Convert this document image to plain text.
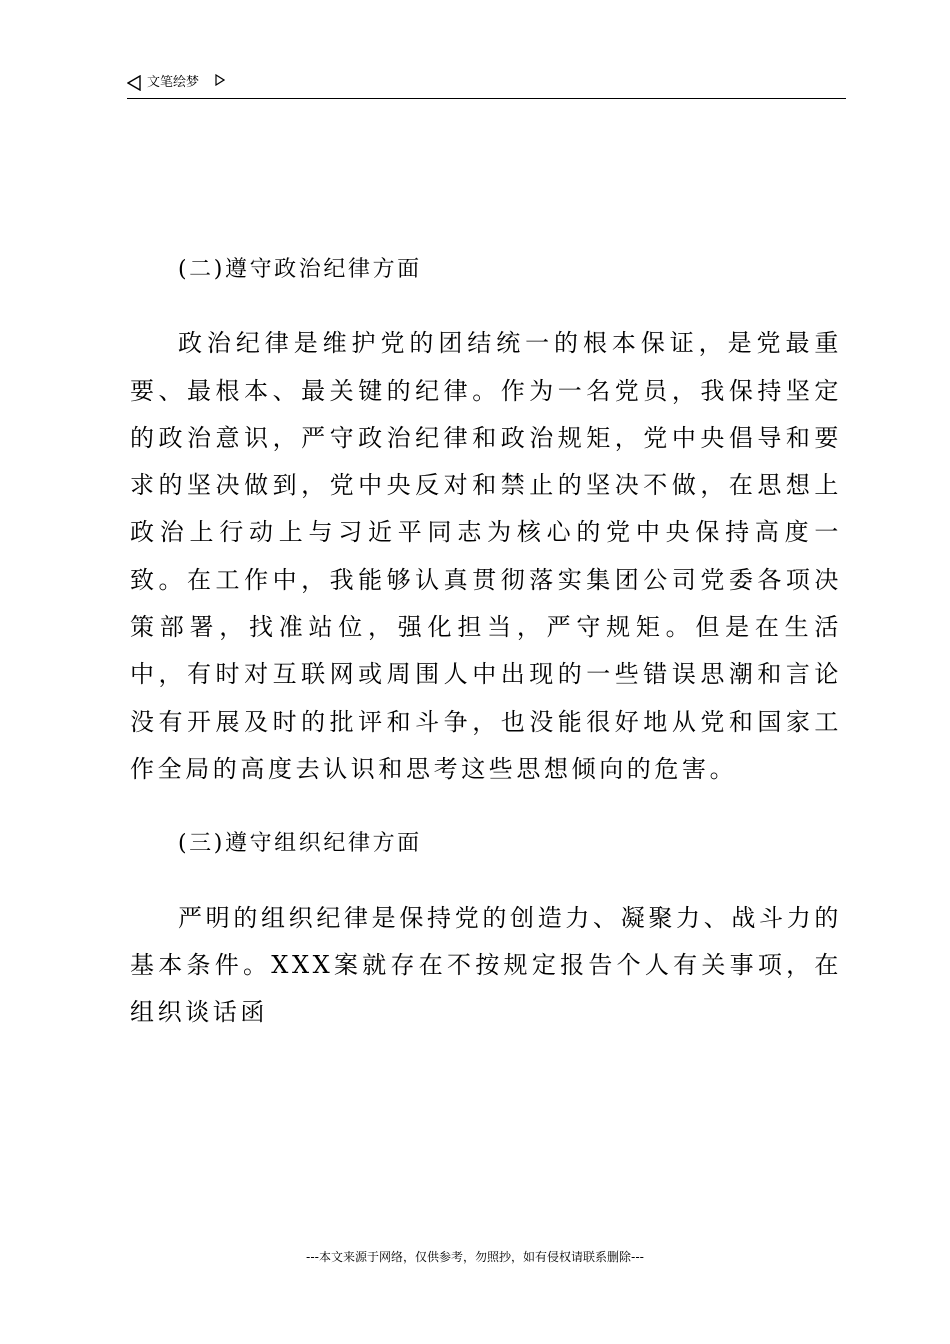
文笔绘梦

(二)遵守政治纪律方面

政治纪律是维护党的团结统一的根本保证，是党最重要、最根本、最关键的纪律。作为一名党员，我保持坚定的政治意识，严守政治纪律和政治规矩，党中央倡导和要求的坚决做到，党中央反对和禁止的坚决不做，在思想上政治上行动上与习近平同志为核心的党中央保持高度一致。在工作中，我能够认真贯彻落实集团公司党委各项决策部署，找准站位，强化担当，严守规矩。但是在生活中，有时对互联网或周围人中出现的一些错误思潮和言论没有开展及时的批评和斗争，也没能很好地从党和国家工作全局的高度去认识和思考这些思想倾向的危害。

(三)遵守组织纪律方面

严明的组织纪律是保持党的创造力、凝聚力、战斗力的基本条件。XXX案就存在不按规定报告个人有关事项，在组织谈话函

---本文来源于网络，仅供参考，勿照抄，如有侵权请联系删除---
